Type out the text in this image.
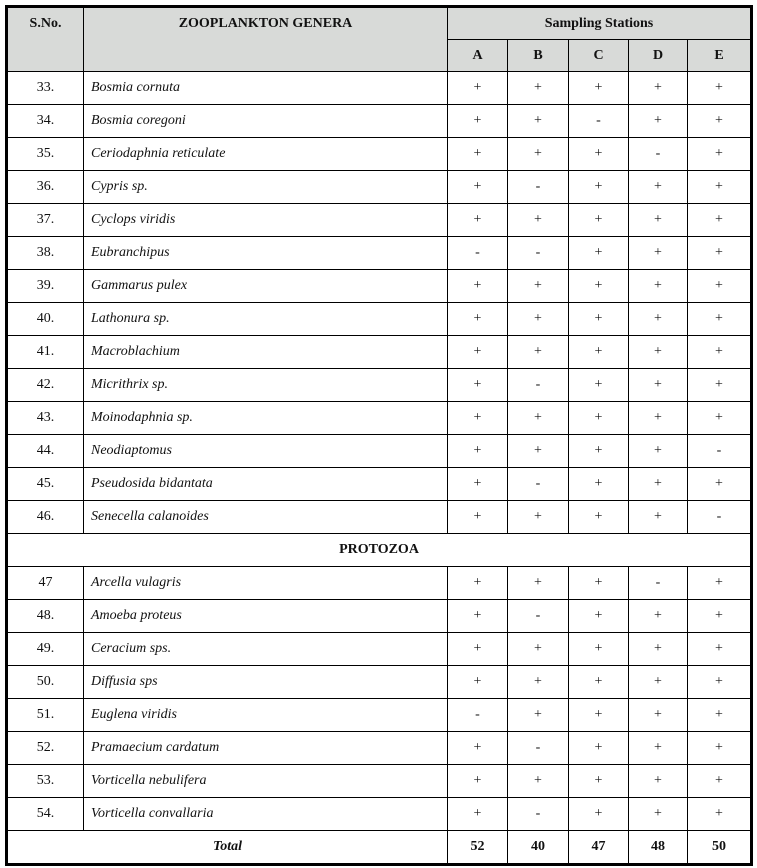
S.No.	ZOOPLANKTON GENERA	Sampling Stations				
		A	B	C	D	E
33.	Bosmia cornuta	+	+	+	+	+
34.	Bosmia coregoni	+	+	-	+	+
35.	Ceriodaphnia reticulate	+	+	+	-	+
36.	Cypris sp.	+	-	+	+	+
37.	Cyclops viridis	+	+	+	+	+
38.	Eubranchipus	-	-	+	+	+
39.	Gammarus pulex	+	+	+	+	+
40.	Lathonura sp.	+	+	+	+	+
41.	Macroblachium	+	+	+	+	+
42.	Micrithrix sp.	+	-	+	+	+
43.	Moinodaphnia sp.	+	+	+	+	+
44.	Neodiaptomus	+	+	+	+	-
45.	Pseudosida bidantata	+	-	+	+	+
46.	Senecella calanoides	+	+	+	+	-
PROTOZOA						
47	Arcella vulagris	+	+	+	-	+
48.	Amoeba proteus	+	-	+	+	+
49.	Ceracium sps.	+	+	+	+	+
50.	Diffusia sps	+	+	+	+	+
51.	Euglena viridis	-	+	+	+	+
52.	Pramaecium cardatum	+	-	+	+	+
53.	Vorticella nebulifera	+	+	+	+	+
54.	Vorticella convallaria	+	-	+	+	+
Total		52	40	47	48	50
